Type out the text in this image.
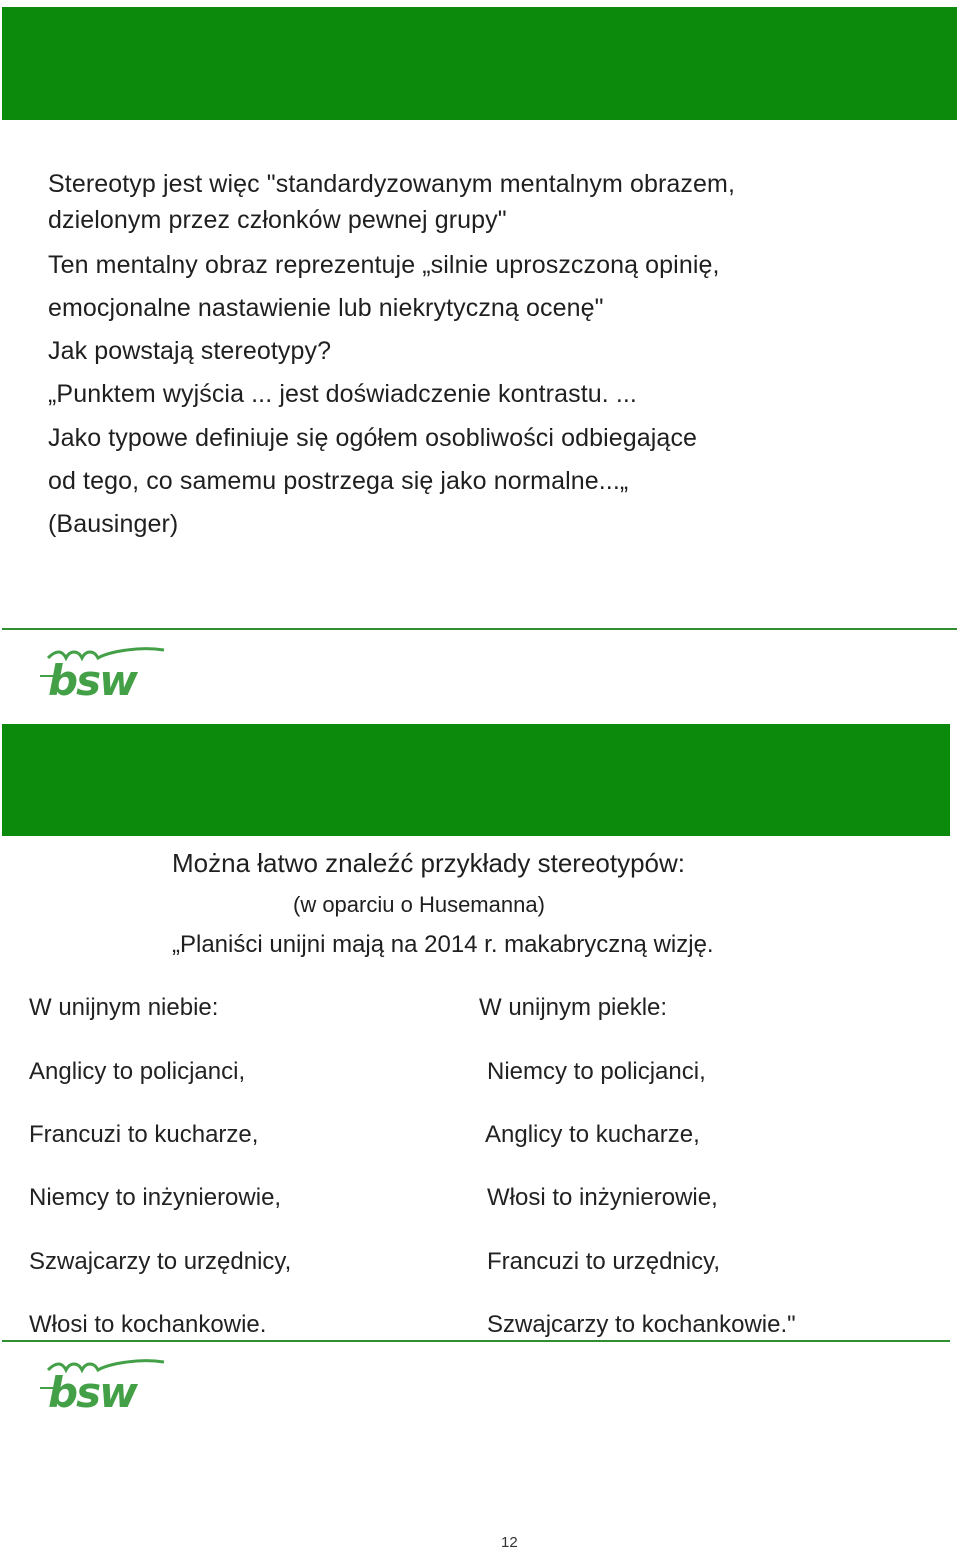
Stereotyp jest więc "standardyzowanym mentalnym obrazem,
dzielonym przez członków pewnej grupy"
Ten mentalny obraz reprezentuje „silnie uproszczoną opinię,
emocjonalne nastawienie lub niekrytyczną ocenę"
Jak powstają stereotypy?
„Punktem wyjścia ... jest doświadczenie kontrastu. ...
Jako typowe definiuje się ogółem osobliwości odbiegające
od tego, co samemu postrzega się jako normalne...„
(Bausinger)
bsw
Można łatwo znaleźć przykłady stereotypów:
(w oparciu o Husemanna)
„Planiści unijni mają na 2014 r. makabryczną wizję.
W unijnym niebie:	W unijnym piekle:
Anglicy to policjanci,
Francuzi to kucharze,
Niemcy to inżynierowie,
Szwajcarzy to urzędnicy,
Włosi to kochankowie.
Niemcy to policjanci,
Anglicy to kucharze,
Włosi to inżynierowie,
Francuzi to urzędnicy,
Szwajcarzy to kochankowie."
bsw
12
